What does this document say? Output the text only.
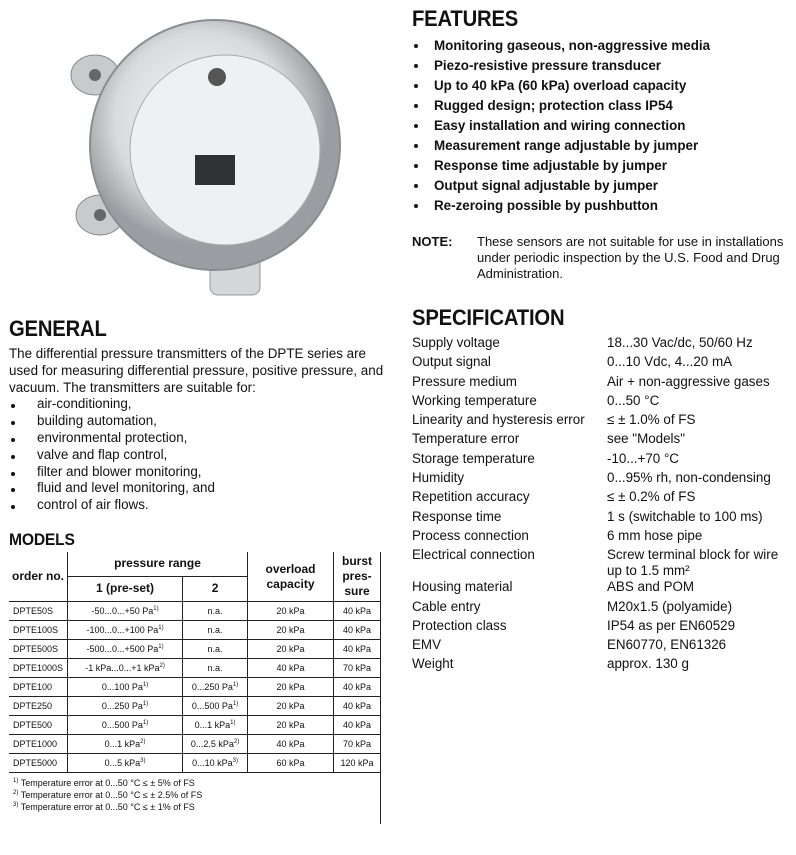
FEATURES
Monitoring gaseous, non-aggressive media
Piezo-resistive pressure transducer
Up to 40 kPa (60 kPa) overload capacity
Rugged design; protection class IP54
Easy installation and wiring connection
Measurement range adjustable by jumper
Response time adjustable by jumper
Output signal adjustable by jumper
Re-zeroing possible by pushbutton
NOTE:	These sensors are not suitable for use in installations under periodic inspection by the U.S. Food and Drug Administration.
SPECIFICATION
Supply voltage	18...30 Vac/dc, 50/60 Hz
Output signal	0...10 Vdc, 4...20 mA
Pressure medium	Air + non-aggressive gases
Working temperature	0...50 °C
Linearity and hysteresis error	≤ ± 1.0% of FS
Temperature error	see "Models"
Storage temperature	-10...+70 °C
Humidity	0...95% rh, non-condensing
Repetition accuracy	≤ ± 0.2% of FS
Response time	1 s (switchable to 100 ms)
Process connection	6 mm hose pipe
Electrical connection	Screw terminal block for wire up to 1.5 mm²
Housing material	ABS and POM
Cable entry	M20x1.5 (polyamide)
Protection class	IP54 as per EN60529
EMV	EN60770, EN61326
Weight	approx. 130 g
GENERAL

The differential pressure transmitters of the DPTE series are used for measuring differential pressure, positive pressure, and vacuum. The transmitters are suitable for:

air-conditioning,
building automation,
environmental protection,
valve and flap control,
filter and blower monitoring,
fluid and level monitoring, and
control of air flows.
MODELS
order no.	pressure range		overload capacity	burst pres-sure
	1 (pre-set)	2		
DPTE50S	-50...0...+50 Pa$^{1)}$	n.a.	20 kPa	40 kPa
DPTE100S	-100...0...+100 Pa$^{1)}$	n.a.	20 kPa	40 kPa
DPTE500S	-500...0...+500 Pa$^{1)}$	n.a.	20 kPa	40 kPa
DPTE1000S	-1 kPa...0...+1 kPa$^{2)}$	n.a.	40 kPa	70 kPa
DPTE100	0...100 Pa$^{1)}$	0...250 Pa$^{1)}$	20 kPa	40 kPa
DPTE250	0...250 Pa$^{1)}$	0...500 Pa$^{1)}$	20 kPa	40 kPa
DPTE500	0...500 Pa$^{1)}$	0...1 kPa$^{1)}$	20 kPa	40 kPa
DPTE1000	0...1 kPa$^{2)}$	0...2.5 kPa$^{2)}$	40 kPa	70 kPa
DPTE5000	0...5 kPa$^{3)}$	0...10 kPa$^{3)}$	60 kPa	120 kPa

$^{1)}$ Temperature error at 0...50 °C ≤ ± 5% of FS
$^{2)}$ Temperature error at 0...50 °C ≤ ± 2.5% of FS
$^{3)}$ Temperature error at 0...50 °C ≤ ± 1% of FS				
